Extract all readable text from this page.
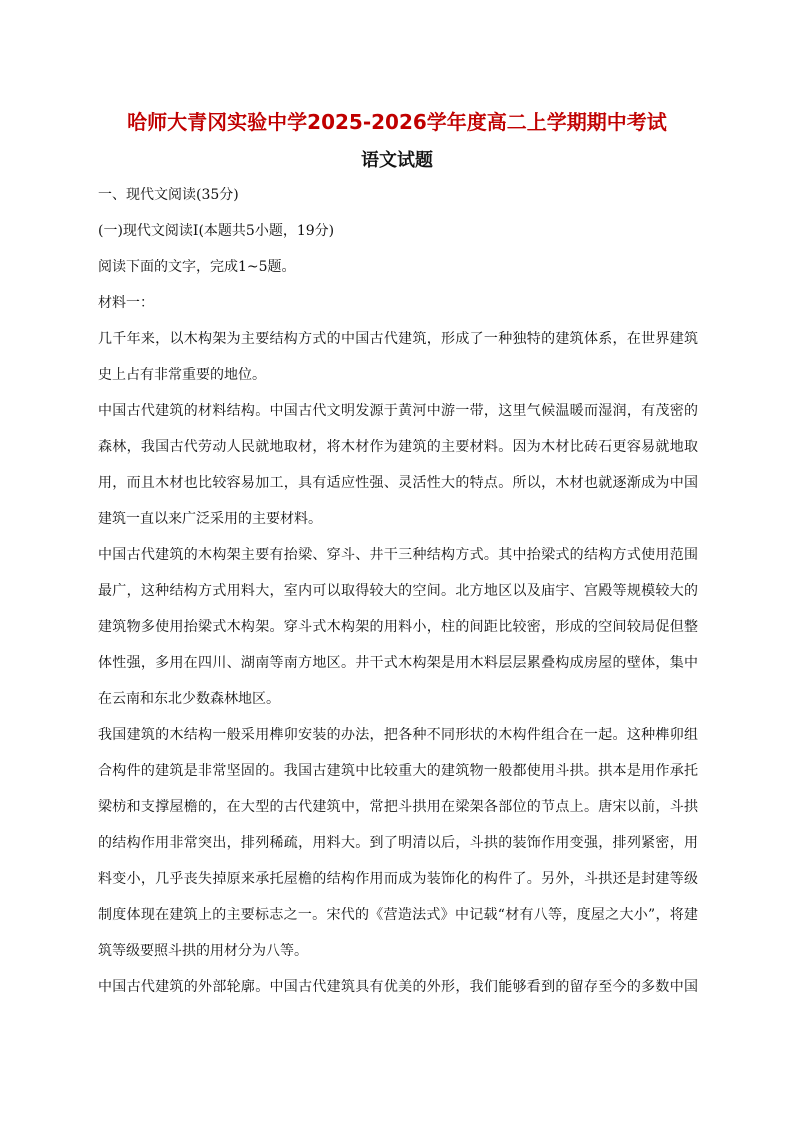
哈师大青冈实验中学2025-2026学年度高二上学期期中考试
语文试题
一、现代文阅读(35分)
(一)现代文阅读Ⅰ(本题共5小题，19分)
阅读下面的文字，完成1~5题。
材料一：
几千年来，以木构架为主要结构方式的中国古代建筑，形成了一种独特的建筑体系，在世界建筑
史上占有非常重要的地位。
中国古代建筑的材料结构。中国古代文明发源于黄河中游一带，这里气候温暖而湿润，有茂密的
森林，我国古代劳动人民就地取材，将木材作为建筑的主要材料。因为木材比砖石更容易就地取
用，而且木材也比较容易加工，具有适应性强、灵活性大的特点。所以，木材也就逐渐成为中国
建筑一直以来广泛采用的主要材料。
中国古代建筑的木构架主要有抬梁、穿斗、井干三种结构方式。其中抬梁式的结构方式使用范围
最广，这种结构方式用料大，室内可以取得较大的空间。北方地区以及庙宇、宫殿等规模较大的
建筑物多使用抬梁式木构架。穿斗式木构架的用料小，柱的间距比较密，形成的空间较局促但整
体性强，多用在四川、湖南等南方地区。井干式木构架是用木料层层累叠构成房屋的壁体，集中
在云南和东北少数森林地区。
我国建筑的木结构一般采用榫卯安装的办法，把各种不同形状的木构件组合在一起。这种榫卯组
合构件的建筑是非常坚固的。我国古建筑中比较重大的建筑物一般都使用斗拱。拱本是用作承托
梁枋和支撑屋檐的，在大型的古代建筑中，常把斗拱用在梁架各部位的节点上。唐宋以前，斗拱
的结构作用非常突出，排列稀疏，用料大。到了明清以后，斗拱的装饰作用变强，排列紧密，用
料变小，几乎丧失掉原来承托屋檐的结构作用而成为装饰化的构件了。另外，斗拱还是封建等级
制度体现在建筑上的主要标志之一。宋代的《营造法式》中记载“材有八等，度屋之大小”，将建
筑等级要照斗拱的用材分为八等。
中国古代建筑的外部轮廓。中国古代建筑具有优美的外形，我们能够看到的留存至今的多数中国
